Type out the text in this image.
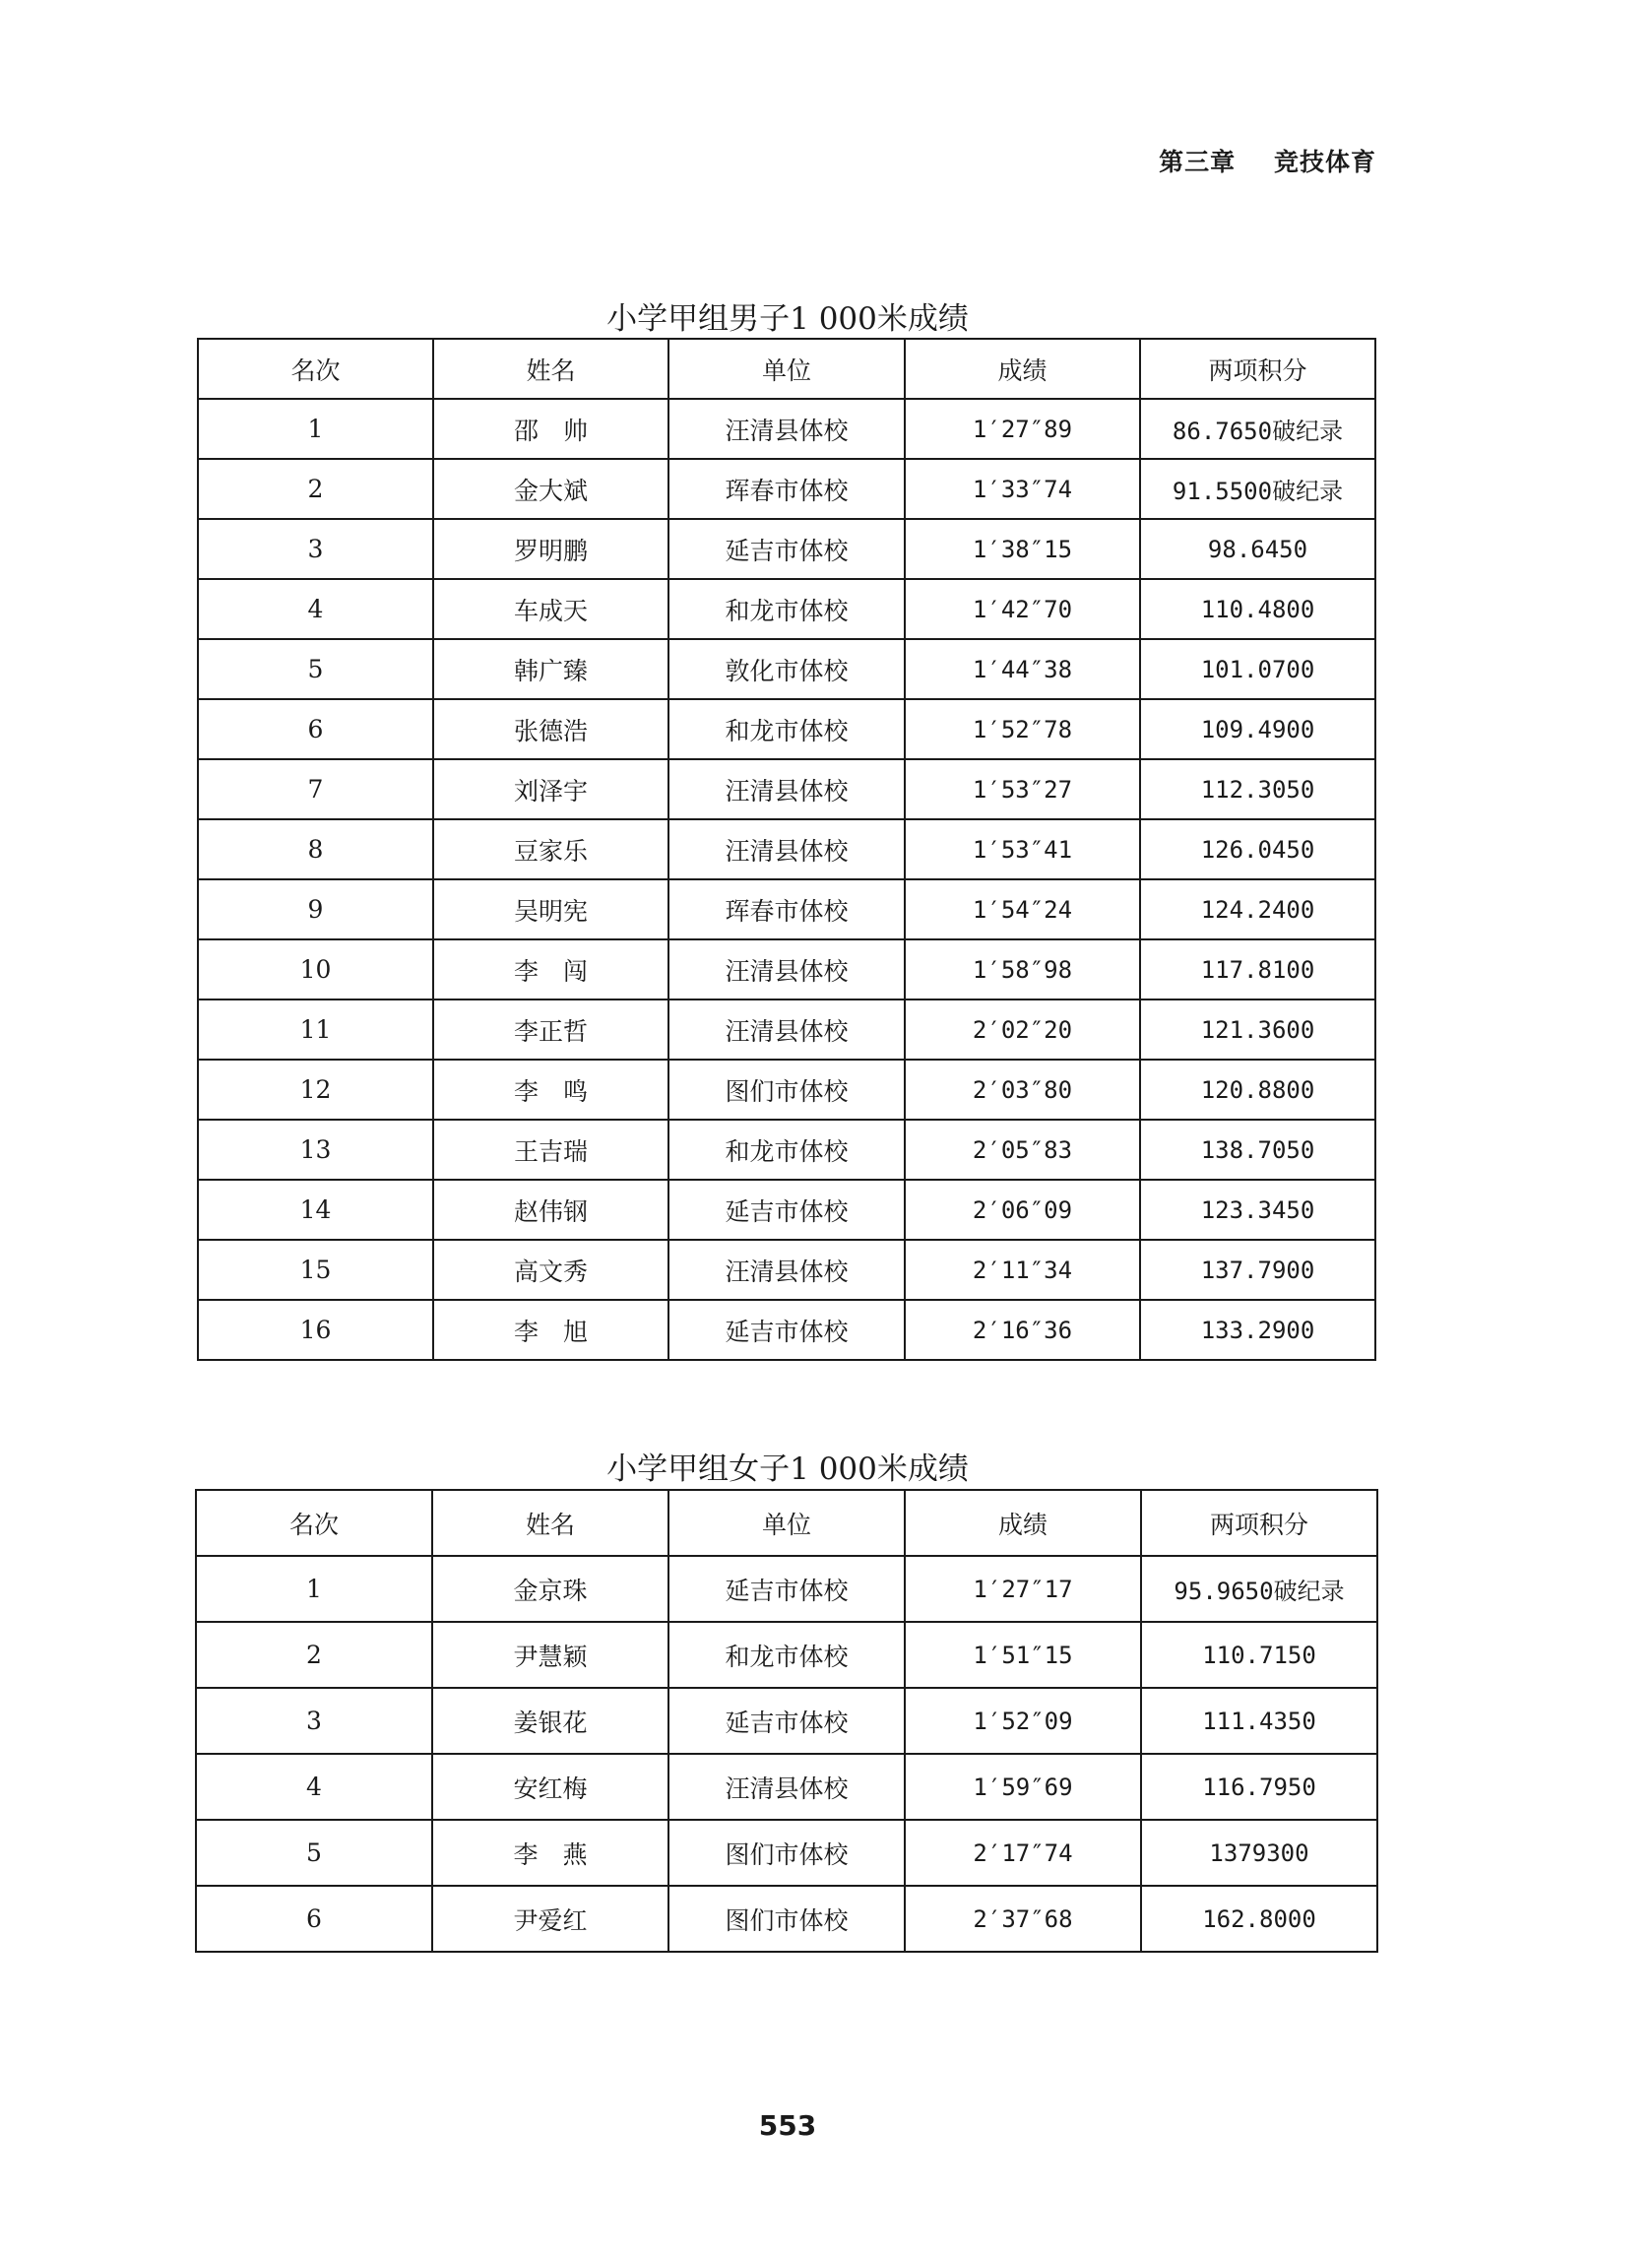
第三章 竞技体育
小学甲组男子1 000米成绩
名次	姓名	单位	成绩	两项积分
1	邵　帅	汪清县体校	1′27″89	86.7650破纪录
2	金大斌	珲春市体校	1′33″74	91.5500破纪录
3	罗明鹏	延吉市体校	1′38″15	98.6450
4	车成天	和龙市体校	1′42″70	110.4800
5	韩广臻	敦化市体校	1′44″38	101.0700
6	张德浩	和龙市体校	1′52″78	109.4900
7	刘泽宇	汪清县体校	1′53″27	112.3050
8	豆家乐	汪清县体校	1′53″41	126.0450
9	吴明宪	珲春市体校	1′54″24	124.2400
10	李　闯	汪清县体校	1′58″98	117.8100
11	李正哲	汪清县体校	2′02″20	121.3600
12	李　鸣	图们市体校	2′03″80	120.8800
13	王吉瑞	和龙市体校	2′05″83	138.7050
14	赵伟钢	延吉市体校	2′06″09	123.3450
15	高文秀	汪清县体校	2′11″34	137.7900
16	李　旭	延吉市体校	2′16″36	133.2900
小学甲组女子1 000米成绩
名次	姓名	单位	成绩	两项积分
1	金京珠	延吉市体校	1′27″17	95.9650破纪录
2	尹慧颖	和龙市体校	1′51″15	110.7150
3	姜银花	延吉市体校	1′52″09	111.4350
4	安红梅	汪清县体校	1′59″69	116.7950
5	李　燕	图们市体校	2′17″74	1379300
6	尹爱红	图们市体校	2′37″68	162.8000
553
